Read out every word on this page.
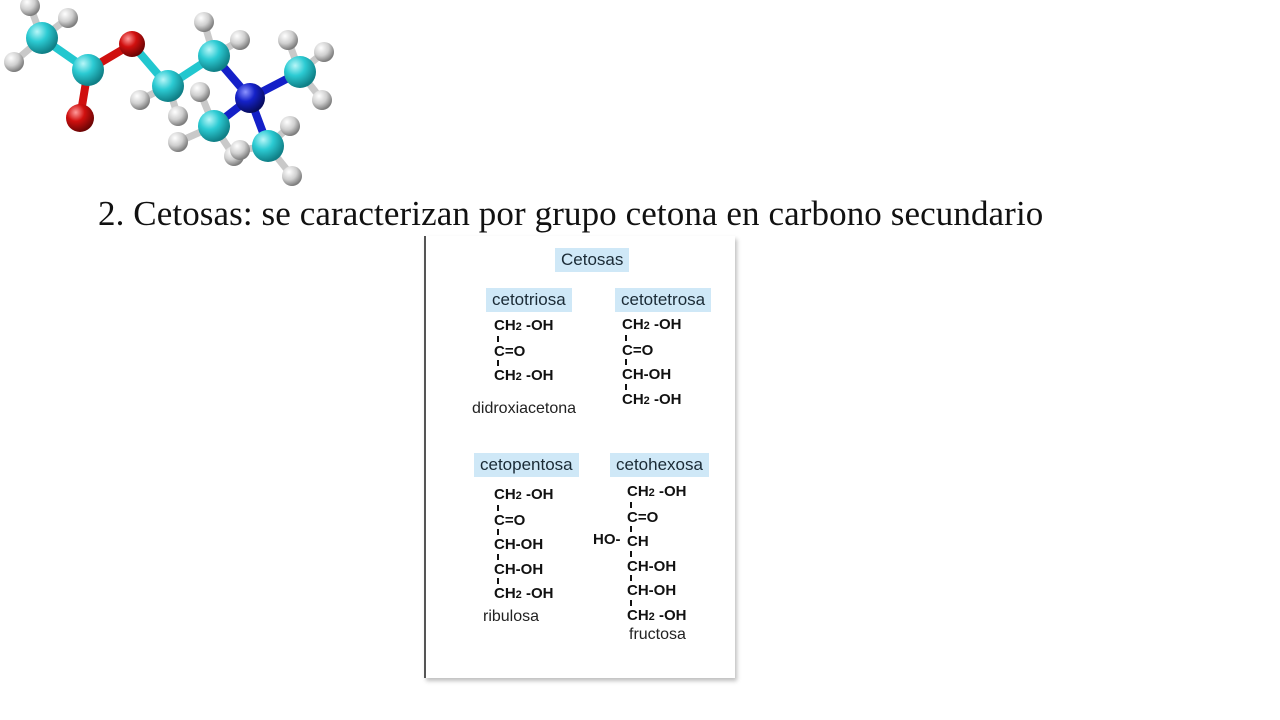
2. Cetosas: se caracterizan por grupo cetona en carbono secundario
Cetosas
cetotriosa
CH2 -OH
C=O
CH2 -OH
didroxiacetona
cetotetrosa
CH2 -OH
C=O
CH-OH
CH2 -OH
cetopentosa
CH2 -OH
C=O
CH-OH
CH-OH
CH2 -OH
ribulosa
cetohexosa
CH2 -OH
C=O
CH
CH-OH
CH-OH
CH2 -OH
HO-
fructosa
